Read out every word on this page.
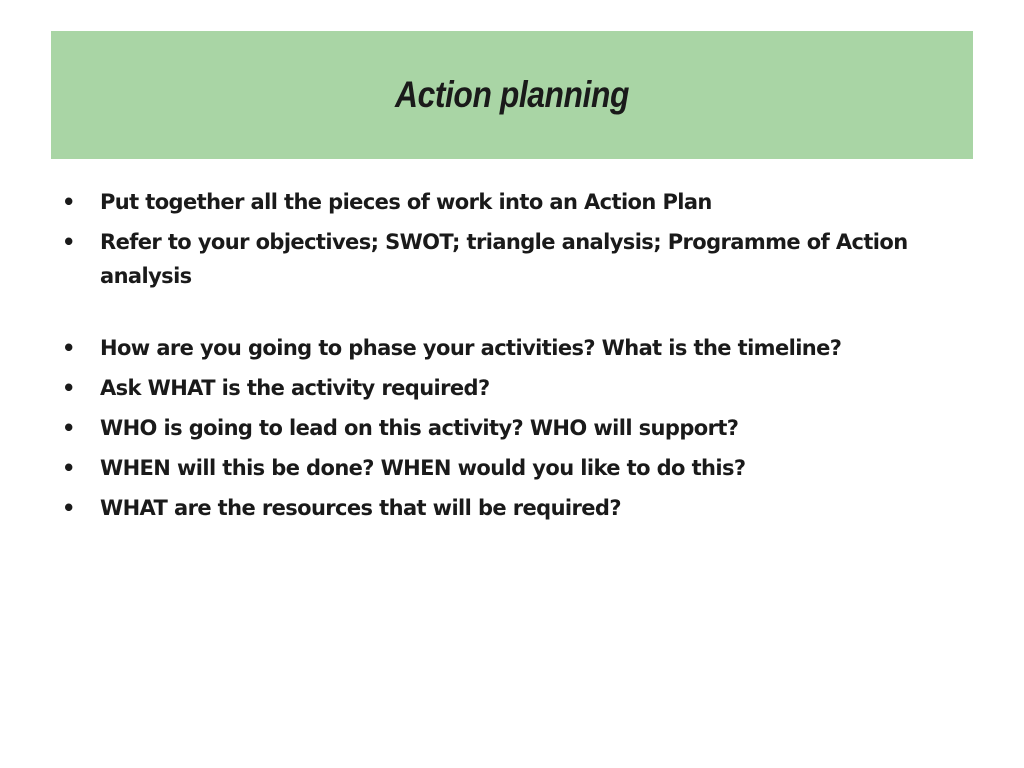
Action planning
•	Put together all the pieces of work into an Action Plan
•	Refer to your objectives; SWOT; triangle analysis; Programme of Action analysis
•	How are you going to phase your activities? What is the timeline?
•	Ask WHAT is the activity required?
•	WHO is going to lead on this activity? WHO will support?
•	WHEN will this be done? WHEN would you like to do this?
•	WHAT are the resources that will be required?
